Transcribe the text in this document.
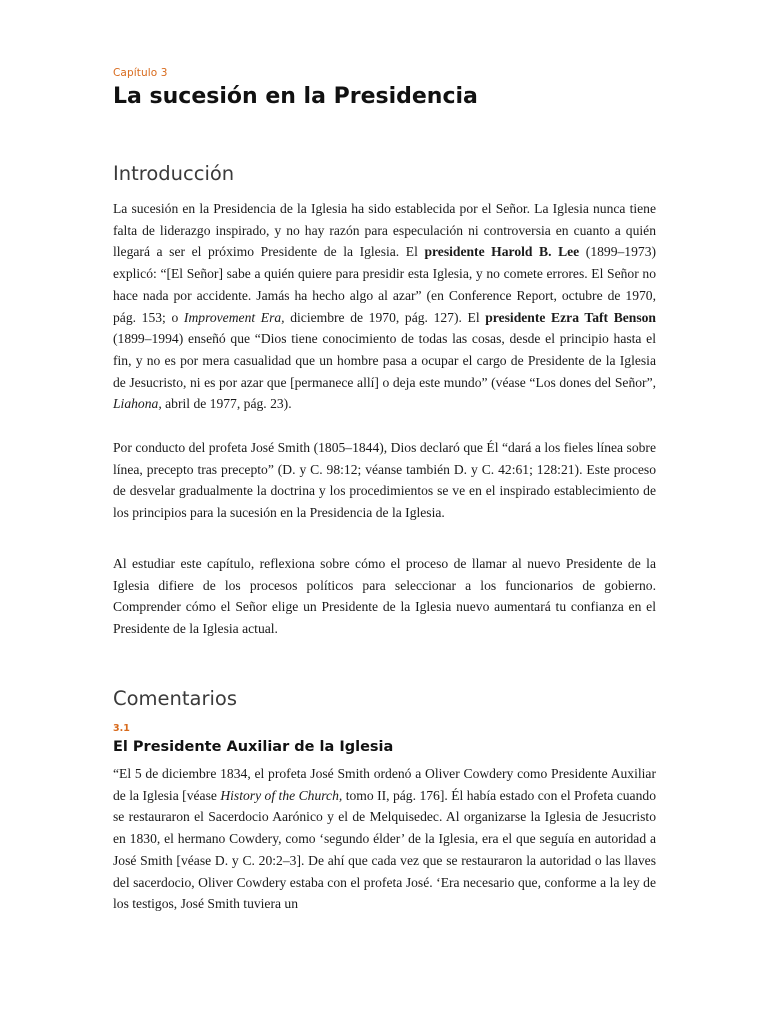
Capítulo 3
La sucesión en la Presidencia
Introducción

La sucesión en la Presidencia de la Iglesia ha sido establecida por el Señor. La Iglesia nunca tiene falta de liderazgo inspirado, y no hay razón para especulación ni controversia en cuanto a quién llegará a ser el próximo Presidente de la Iglesia. El presidente Harold B. Lee (1899–1973) explicó: “[El Señor] sabe a quién quiere para presidir esta Iglesia, y no comete errores. El Señor no hace nada por accidente. Jamás ha hecho algo al azar” (en Conference Report, octubre de 1970, pág. 153; o Improvement Era, diciembre de 1970, pág. 127). El presidente Ezra Taft Benson (1899–1994) enseñó que “Dios tiene conocimiento de todas las cosas, desde el principio hasta el fin, y no es por mera casualidad que un hombre pasa a ocupar el cargo de Presidente de la Iglesia de Jesucristo, ni es por azar que [permanece allí] o deja este mundo” (véase “Los dones del Señor”, Liahona, abril de 1977, pág. 23).

Por conducto del profeta José Smith (1805–1844), Dios declaró que Él “dará a los fieles línea sobre línea, precepto tras precepto” (D. y C. 98:12; véanse también D. y C. 42:61; 128:21). Este proceso de desvelar gradualmente la doctrina y los procedimientos se ve en el inspirado establecimiento de los principios para la sucesión en la Presidencia de la Iglesia.

Al estudiar este capítulo, reflexiona sobre cómo el proceso de llamar al nuevo Presidente de la Iglesia difiere de los procesos políticos para seleccionar a los funcionarios de gobierno. Comprender cómo el Señor elige un Presidente de la Iglesia nuevo aumentará tu confianza en el Presidente de la Iglesia actual.

Comentarios
3.1
El Presidente Auxiliar de la Iglesia

“El 5 de diciembre 1834, el profeta José Smith ordenó a Oliver Cowdery como Presidente Auxiliar de la Iglesia [véase History of the Church, tomo II, pág. 176]. Él había estado con el Profeta cuando se restauraron el Sacerdocio Aarónico y el de Melquisedec. Al organizarse la Iglesia de Jesucristo en 1830, el hermano Cowdery, como ‘segundo élder’ de la Iglesia, era el que seguía en autoridad a José Smith [véase D. y C. 20:2–3]. De ahí que cada vez que se restauraron la autoridad o las llaves del sacerdocio, Oliver Cowdery estaba con el profeta José. ‘Era necesario que, conforme a la ley de los testigos, José Smith tuviera un
